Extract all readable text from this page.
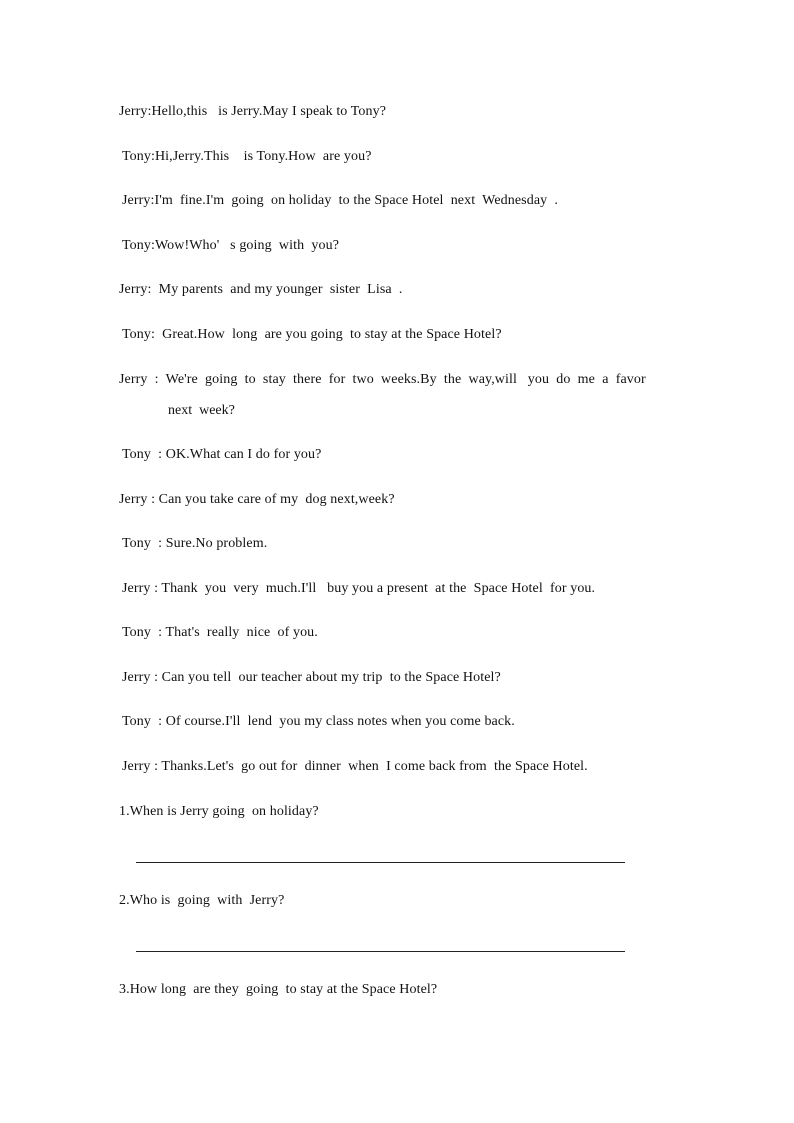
Jerry:Hello,this   is Jerry.May I speak to Tony?
Tony:Hi,Jerry.This    is Tony.How  are you?
Jerry:I'm  fine.I'm  going  on holiday  to the Space Hotel  next  Wednesday  .
Tony:Wow!Who'   s going  with  you?
Jerry:  My parents  and my younger  sister  Lisa  .
Tony:  Great.How  long  are you going  to stay at the Space Hotel?
Jerry  :  We're  going  to  stay  there  for  two  weeks.By  the  way,will   you  do  me  a  favor
next  week?
Tony  : OK.What can I do for you?
Jerry : Can you take care of my  dog next,week?
Tony  : Sure.No problem.
Jerry : Thank  you  very  much.I'll   buy you a present  at the  Space Hotel  for you.
Tony  : That's  really  nice  of you.
Jerry : Can you tell  our teacher about my trip  to the Space Hotel?
Tony  : Of course.I'll  lend  you my class notes when you come back.
Jerry : Thanks.Let's  go out for  dinner  when  I come back from  the Space Hotel.
1.When is Jerry going  on holiday?
2.Who is  going  with  Jerry?
3.How long  are they  going  to stay at the Space Hotel?
